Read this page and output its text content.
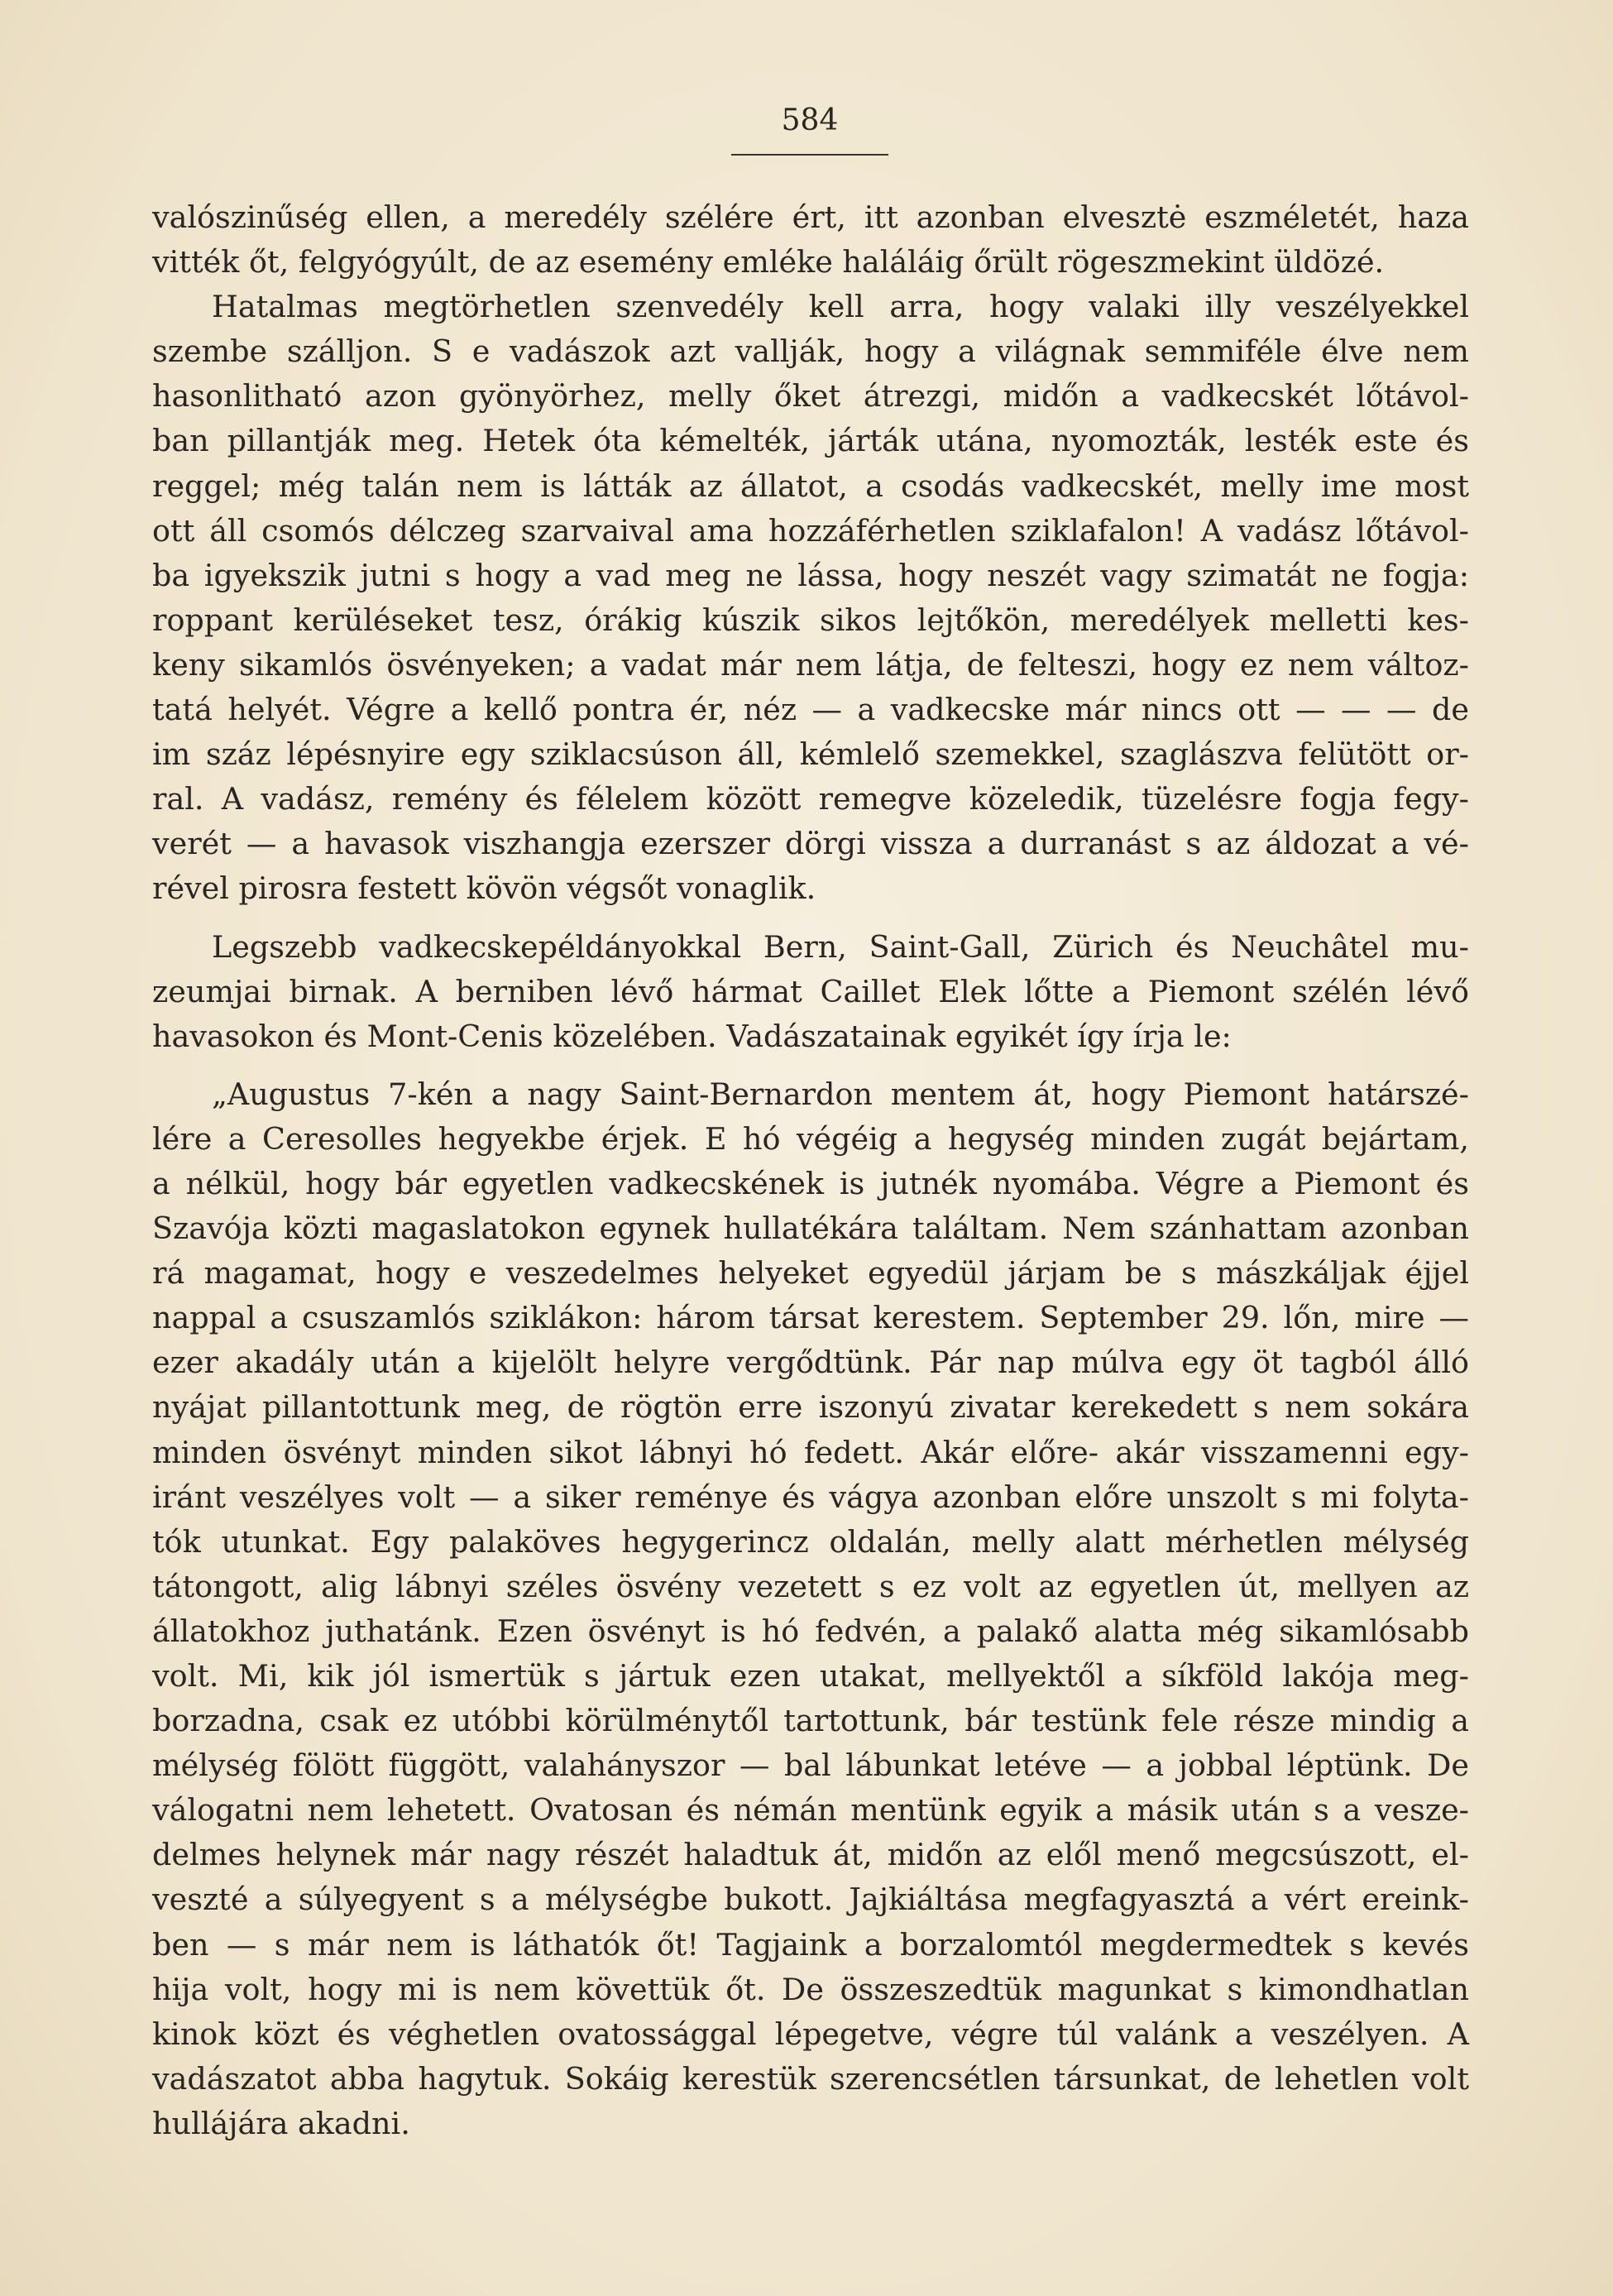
584
valószinűség ellen, a meredély szélére ért, itt azonban elvesztė eszméletét, haza
vitték őt, felgyógyúlt, de az esemény emléke haláláig őrült rögeszmekint üldözé.
Hatalmas megtörhetlen szenvedély kell arra, hogy valaki illy veszélyekkel
szembe szálljon. S e vadászok azt vallják, hogy a világnak semmiféle élve nem
hasonlitható azon gyönyörhez, melly őket átrezgi, midőn a vadkecskét lőtávol-
ban pillantják meg. Hetek óta kémelték, járták utána, nyomozták, lesték este és
reggel; még talán nem is látták az állatot, a csodás vadkecskét, melly ime most
ott áll csomós délczeg szarvaival ama hozzáférhetlen sziklafalon! A vadász lőtávol-
ba igyekszik jutni s hogy a vad meg ne lássa, hogy neszét vagy szimatát ne fogja:
roppant kerüléseket tesz, órákig kúszik sikos lejtőkön, meredélyek melletti kes-
keny sikamlós ösvényeken; a vadat már nem látja, de felteszi, hogy ez nem változ-
tatá helyét. Végre a kellő pontra ér, néz — a vadkecske már nincs ott — — — de
im száz lépésnyire egy sziklacsúson áll, kémlelő szemekkel, szaglászva felütött or-
ral. A vadász, remény és félelem között remegve közeledik, tüzelésre fogja fegy-
verét — a havasok viszhangja ezerszer dörgi vissza a durranást s az áldozat a vé-
rével pirosra festett kövön végsőt vonaglik.
Legszebb vadkecskepéldányokkal Bern, Saint-Gall, Zürich és Neuchâtel mu-
zeumjai birnak. A berniben lévő hármat Caillet Elek lőtte a Piemont szélén lévő
havasokon és Mont-Cenis közelében. Vadászatainak egyikét így írja le:
„Augustus 7-kén a nagy Saint-Bernardon mentem át, hogy Piemont határszé-
lére a Ceresolles hegyekbe érjek. E hó végéig a hegység minden zugát bejártam,
a nélkül, hogy bár egyetlen vadkecskének is jutnék nyomába. Végre a Piemont és
Szavója közti magaslatokon egynek hullatékára találtam. Nem szánhattam azonban
rá magamat, hogy e veszedelmes helyeket egyedül járjam be s mászkáljak éjjel
nappal a csuszamlós sziklákon: három társat kerestem. September 29. lőn, mire —
ezer akadály után a kijelölt helyre vergődtünk. Pár nap múlva egy öt tagból álló
nyájat pillantottunk meg, de rögtön erre iszonyú zivatar kerekedett s nem sokára
minden ösvényt minden sikot lábnyi hó fedett. Akár előre- akár visszamenni egy-
iránt veszélyes volt — a siker reménye és vágya azonban előre unszolt s mi folyta-
tók utunkat. Egy palaköves hegygerincz oldalán, melly alatt mérhetlen mélység
tátongott, alig lábnyi széles ösvény vezetett s ez volt az egyetlen út, mellyen az
állatokhoz juthatánk. Ezen ösvényt is hó fedvén, a palakő alatta még sikamlósabb
volt. Mi, kik jól ismertük s jártuk ezen utakat, mellyektől a síkföld lakója meg-
borzadna, csak ez utóbbi körülménytől tartottunk, bár testünk fele része mindig a
mélység fölött függött, valahányszor — bal lábunkat letéve — a jobbal léptünk. De
válogatni nem lehetett. Ovatosan és némán mentünk egyik a másik után s a vesze-
delmes helynek már nagy részét haladtuk át, midőn az elől menő megcsúszott, el-
veszté a súlyegyent s a mélységbe bukott. Jajkiáltása megfagyasztá a vért ereink-
ben — s már nem is láthatók őt! Tagjaink a borzalomtól megdermedtek s kevés
hija volt, hogy mi is nem követtük őt. De összeszedtük magunkat s kimondhatlan
kinok közt és véghetlen ovatossággal lépegetve, végre túl valánk a veszélyen. A
vadászatot abba hagytuk. Sokáig kerestük szerencsétlen társunkat, de lehetlen volt
hullájára akadni.
